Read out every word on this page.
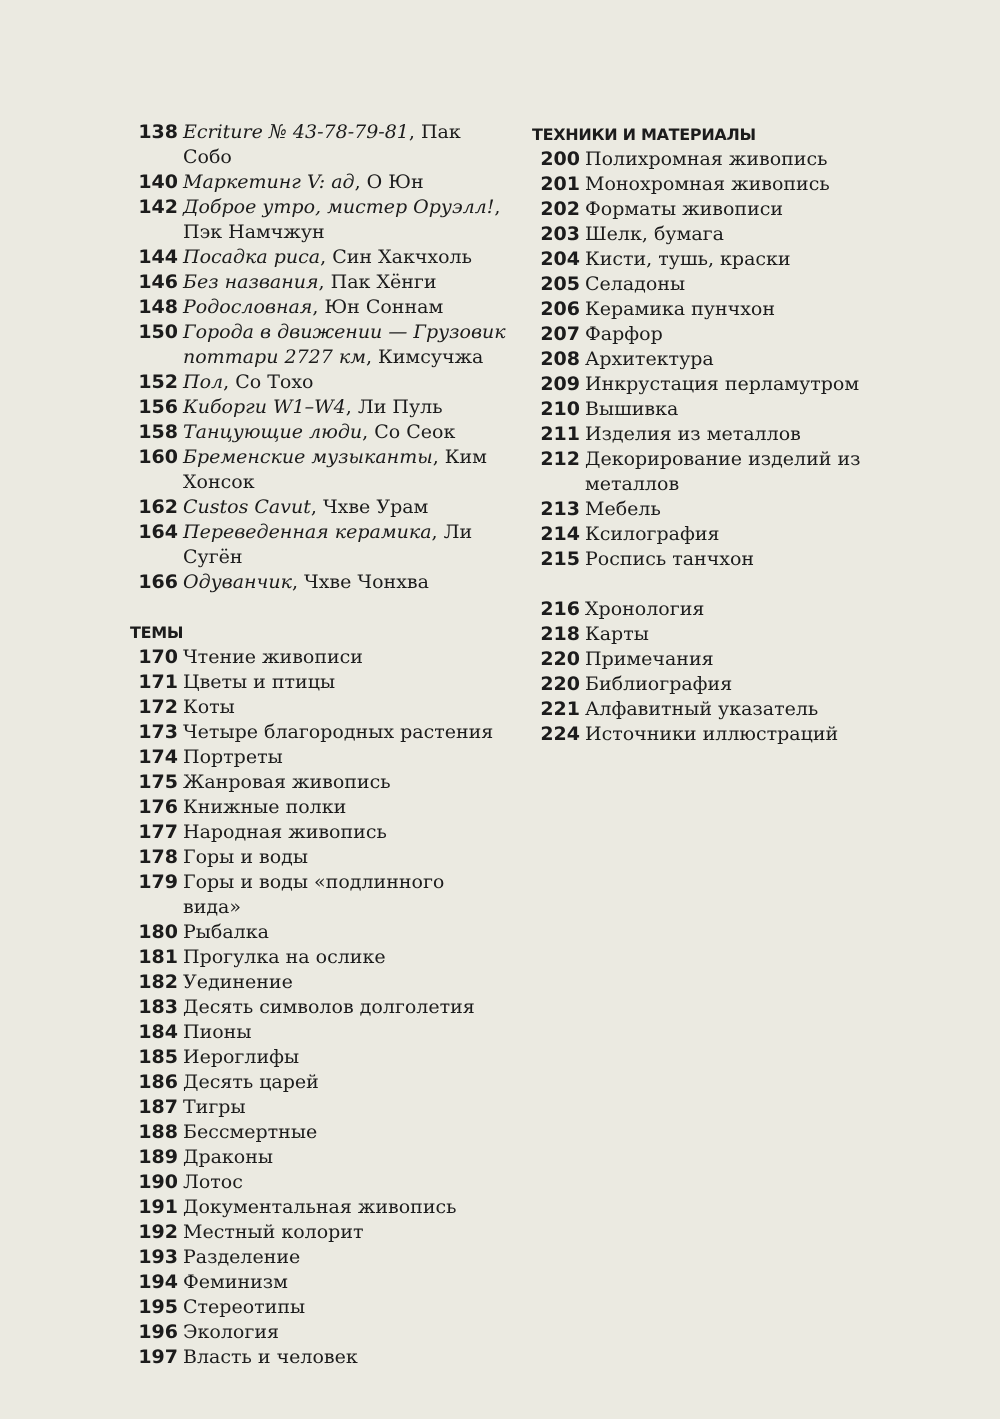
138 Ecriture № 43-78-79-81, Пак Собо
140 Маркетинг V: ад, О Юн
142 Доброе утро, мистер Оруэлл!, Пэк Намчжун
144 Посадка риса, Син Хакчхоль
146 Без названия, Пак Хёнги
148 Родословная, Юн Соннам
150 Города в движении — Грузовик поттари 2727 км, Кимсучжа
152 Пол, Со Тохо
156 Киборги W1–W4, Ли Пуль
158 Танцующие люди, Со Сеок
160 Бременские музыканты, Ким Хонсок
162 Custos Cavut, Чхве Урам
164 Переведенная керамика, Ли Сугён
166 Одуванчик, Чхве Чонхва
ТЕМЫ
170 Чтение живописи
171 Цветы и птицы
172 Коты
173 Четыре благородных растения
174 Портреты
175 Жанровая живопись
176 Книжные полки
177 Народная живопись
178 Горы и воды
179 Горы и воды «подлинного вида»
180 Рыбалка
181 Прогулка на ослике
182 Уединение
183 Десять символов долголетия
184 Пионы
185 Иероглифы
186 Десять царей
187 Тигры
188 Бессмертные
189 Драконы
190 Лотос
191 Документальная живопись
192 Местный колорит
193 Разделение
194 Феминизм
195 Стереотипы
196 Экология
197 Власть и человек
ТЕХНИКИ И МАТЕРИАЛЫ
200 Полихромная живопись
201 Монохромная живопись
202 Форматы живописи
203 Шелк, бумага
204 Кисти, тушь, краски
205 Селадоны
206 Керамика пунчхон
207 Фарфор
208 Архитектура
209 Инкрустация перламутром
210 Вышивка
211 Изделия из металлов
212 Декорирование изделий из металлов
213 Мебель
214 Ксилография
215 Роспись танчхон
216 Хронология
218 Карты
220 Примечания
220 Библиография
221 Алфавитный указатель
224 Источники иллюстраций
